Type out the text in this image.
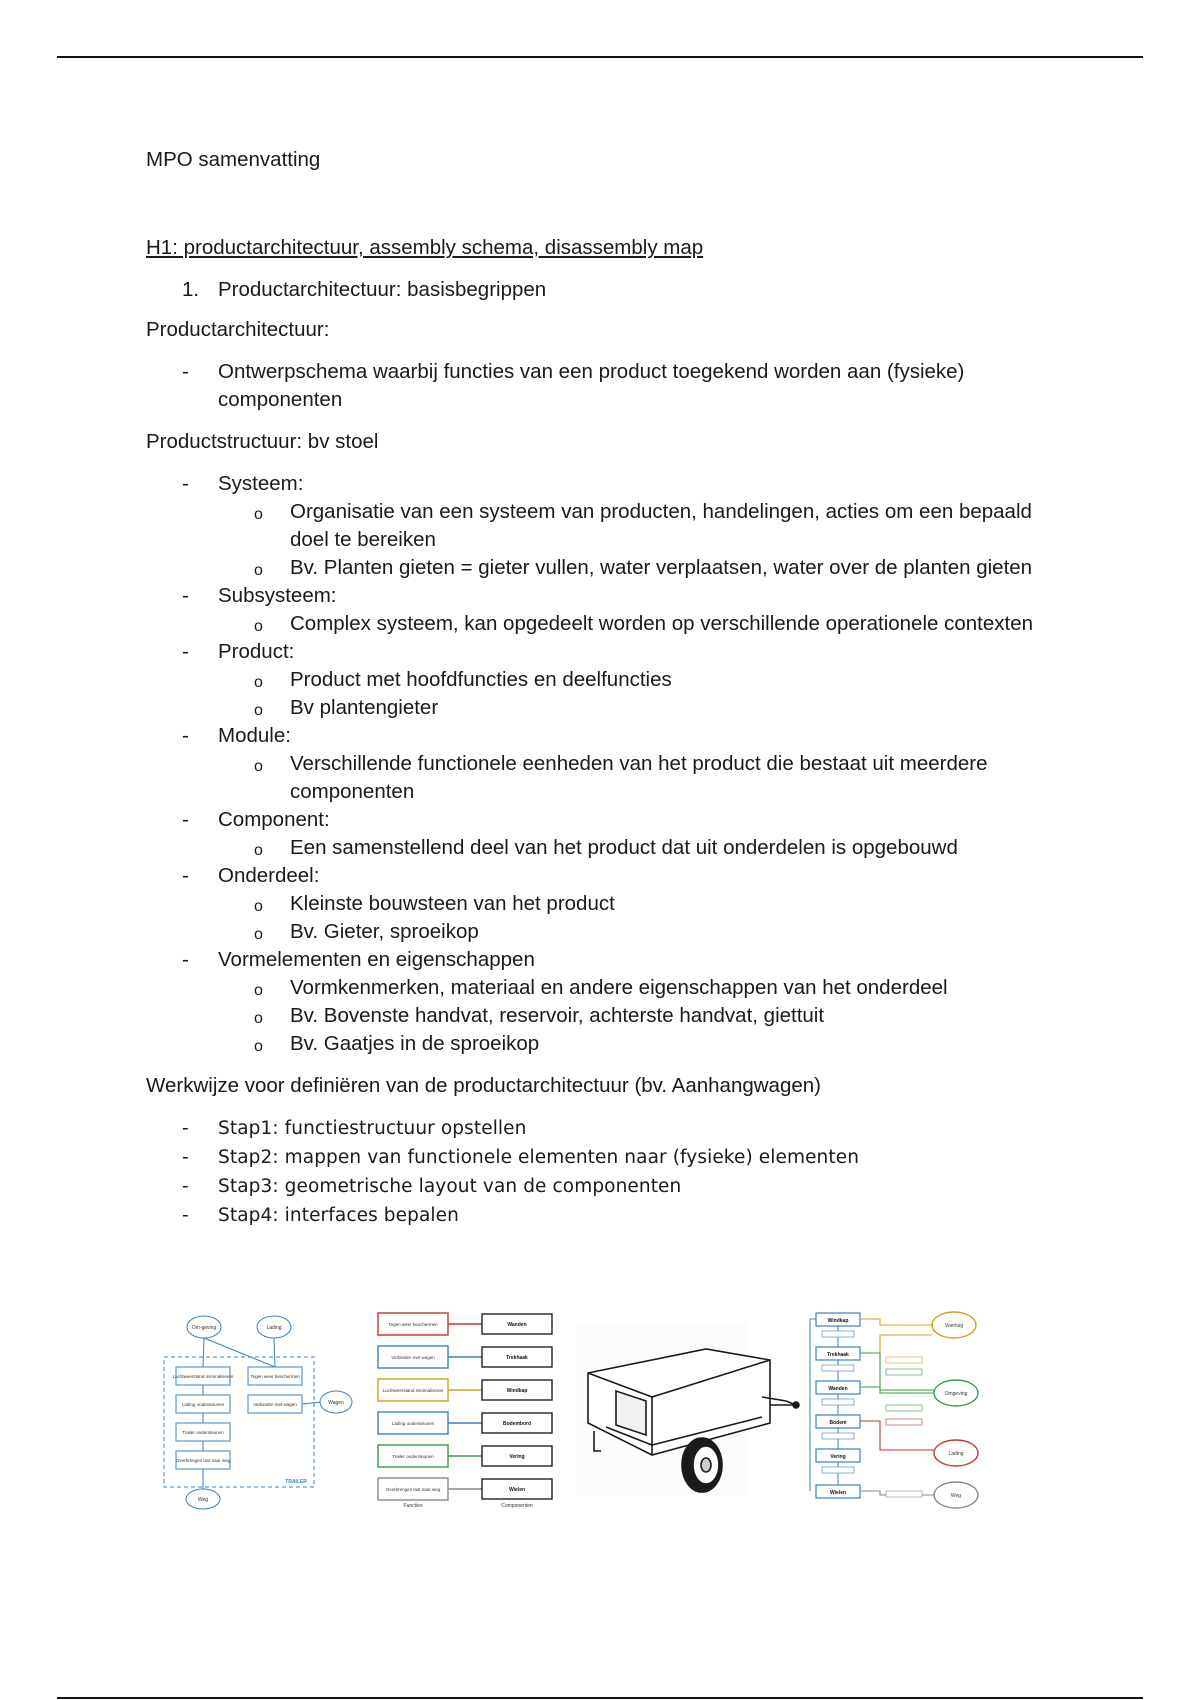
MPO samenvatting
H1: productarchitectuur, assembly schema, disassembly map
1. Productarchitectuur: basisbegrippen
Productarchitectuur:
- Ontwerpschema waarbij functies van een product toegekend worden aan (fysieke) componenten
Productstructuur: bv stoel
- Systeem:
o Organisatie van een systeem van producten, handelingen, acties om een bepaald doel te bereiken
o Bv. Planten gieten = gieter vullen, water verplaatsen, water over de planten gieten
- Subsysteem:
o Complex systeem, kan opgedeelt worden op verschillende operationele contexten
- Product:
o Product met hoofdfuncties en deelfuncties
o Bv plantengieter
- Module:
o Verschillende functionele eenheden van het product die bestaat uit meerdere componenten
- Component:
o Een samenstellend deel van het product dat uit onderdelen is opgebouwd
- Onderdeel:
o Kleinste bouwsteen van het product
o Bv. Gieter, sproeikop
- Vormelementen en eigenschappen
o Vormkenmerken, materiaal en andere eigenschappen van het onderdeel
o Bv. Bovenste handvat, reservoir, achterste handvat, giettuit
o Bv. Gaatjes in de sproeikop
Werkwijze voor definiëren van de productarchitectuur (bv. Aanhangwagen)
- Stap1: functiestructuur opstellen
- Stap2: mappen van functionele elementen naar (fysieke) elementen
- Stap3: geometrische layout van de componenten
- Stap4: interfaces bepalen
Om-geving	Lading
Luchtweerstand minimaliseren
Lading ondersteunen
Trailer ondersteunen
Overbrengen last naar weg
Tegen weer beschermen
Verbinden met wagen	Wagen
Weg
TRAILER
Tegen weer beschermen	Wanden
Verbinden met wagen	Trekhaak
Luchtweerstand minimaliseren	Windkap
Lading ondersteunen	Bodembord
Trailer ondersteunen	Vering
Overbrengen last naar weg	Wielen
Functies	Componenten
Windkap
Trekhaak
Wanden
Bodem
Vering
Wielen
Voertuig
Omgeving
Lading
Weg
